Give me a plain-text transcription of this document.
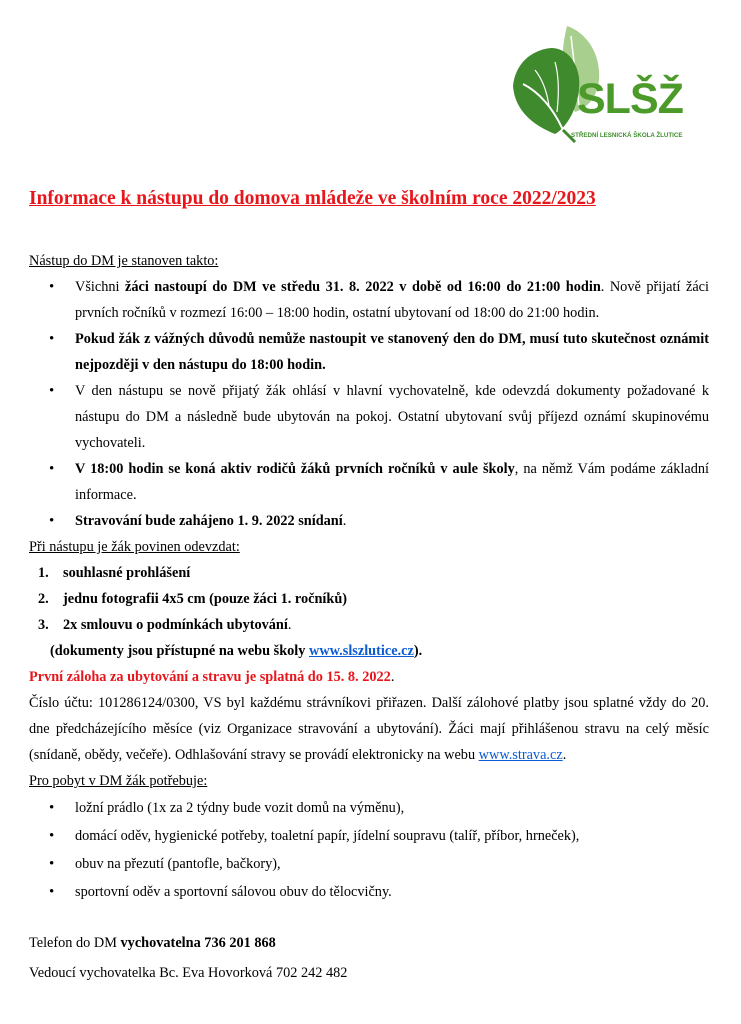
SLŠŽ
STŘEDNÍ LESNICKÁ ŠKOLA ŽLUTICE
Informace k nástupu do domova mládeže ve školním roce 2022/2023

Nástup do DM je stanoven takto:

• Všichni žáci nastoupí do DM ve středu 31. 8. 2022 v době od 16:00 do 21:00 hodin. Nově přijatí žáci prvních ročníků v rozmezí 16:00 – 18:00 hodin, ostatní ubytovaní od 18:00 do 21:00 hodin.
• Pokud žák z vážných důvodů nemůže nastoupit ve stanovený den do DM, musí tuto skutečnost oznámit nejpozději v den nástupu do 18:00 hodin.
• V den nástupu se nově přijatý žák ohlásí v hlavní vychovatelně, kde odevzdá dokumenty požadované k nástupu do DM a následně bude ubytován na pokoj. Ostatní ubytovaní svůj příjezd oznámí skupinovému vychovateli.
• V 18:00 hodin se koná aktiv rodičů žáků prvních ročníků v aule školy, na němž Vám podáme základní informace.
• Stravování bude zahájeno 1. 9. 2022 snídaní.

Při nástupu je žák povinen odevzdat:

1. souhlasné prohlášení
2. jednu fotografii 4x5 cm (pouze žáci 1. ročníků)
3. 2x smlouvu o podmínkách ubytování.

(dokumenty jsou přístupné na webu školy www.slszlutice.cz).

První záloha za ubytování a stravu je splatná do 15. 8. 2022.

Číslo účtu: 101286124/0300, VS byl každému strávníkovi přiřazen. Další zálohové platby jsou splatné vždy do 20. dne předcházejícího měsíce (viz Organizace stravování a ubytování). Žáci mají přihlášenou stravu na celý měsíc (snídaně, obědy, večeře). Odhlašování stravy se provádí elektronicky na webu www.strava.cz.

Pro pobyt v DM žák potřebuje:

• ložní prádlo (1x za 2 týdny bude vozit domů na výměnu),
• domácí oděv, hygienické potřeby, toaletní papír, jídelní soupravu (talíř, příbor, hrneček),
• obuv na přezutí (pantofle, bačkory),
• sportovní oděv a sportovní sálovou obuv do tělocvičny.

Telefon do DM vychovatelna 736 201 868

Vedoucí vychovatelka Bc. Eva Hovorková 702 242 482
